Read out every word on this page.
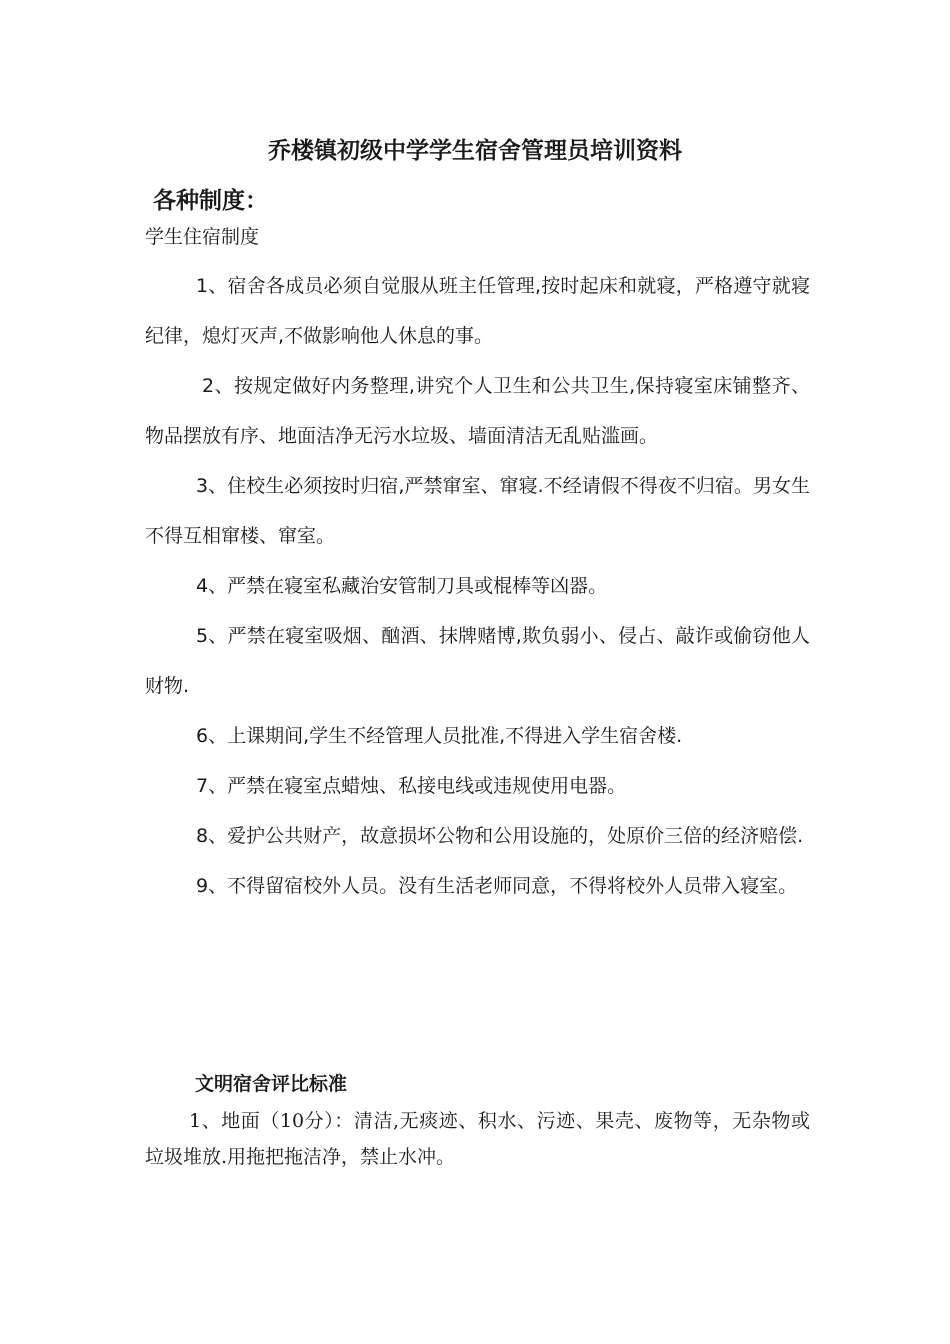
乔楼镇初级中学学生宿舍管理员培训资料
各种制度：
学生住宿制度

1、宿舍各成员必须自觉服从班主任管理,按时起床和就寝，严格遵守就寝纪律，熄灯灭声,不做影响他人休息的事。

2、按规定做好内务整理,讲究个人卫生和公共卫生,保持寝室床铺整齐、物品摆放有序、地面洁净无污水垃圾、墙面清洁无乱贴滥画。

3、住校生必须按时归宿,严禁窜室、窜寝.不经请假不得夜不归宿。男女生不得互相窜楼、窜室。

4、严禁在寝室私藏治安管制刀具或棍棒等凶器。

5、严禁在寝室吸烟、酗酒、抹牌赌博,欺负弱小、侵占、敲诈或偷窃他人财物.

6、上课期间,学生不经管理人员批准,不得进入学生宿舍楼.

7、严禁在寝室点蜡烛、私接电线或违规使用电器。

8、爱护公共财产，故意损坏公物和公用设施的，处原价三倍的经济赔偿.

9、不得留宿校外人员。没有生活老师同意，不得将校外人员带入寝室。

文明宿舍评比标准

1、地面（10分）：清洁,无痰迹、积水、污迹、果壳、废物等，无杂物或垃圾堆放.用拖把拖洁净，禁止水冲。
